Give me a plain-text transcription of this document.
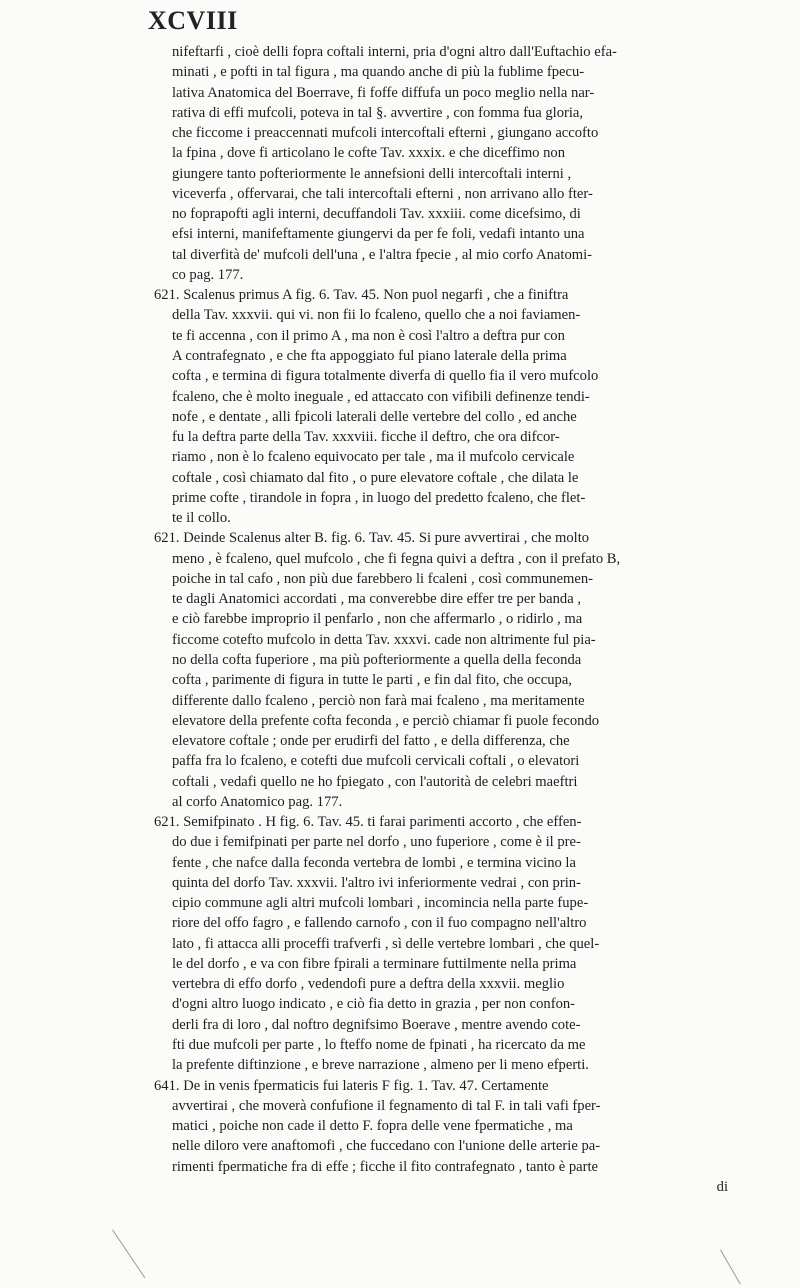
XCVIII
nifeftarfi , cioè delli fopra coftali interni, pria d'ogni altro dall'Euftachio efa-
minati , e pofti in tal figura , ma quando anche di più la fublime fpecu-
lativa Anatomica del Boerrave, fi foffe diffufa un poco meglio nella nar-
rativa di effi mufcoli, poteva in tal §. avvertire , con fomma fua gloria,
che ficcome i preaccennati mufcoli intercoftali efterni , giungano accofto
la fpina , dove fi articolano le cofte Tav. xxxix. e che diceffimo non
giungere tanto pofteriormente le annefsioni delli intercoftali interni ,
viceverfa , offervarai, che tali intercoftali efterni , non arrivano allo fter-
no foprapofti agli interni, decuffandoli Tav. xxxiii. come dicefsimo, di
efsi interni, manifeftamente giungervi da per fe foli, vedafi intanto una
tal diverfità de' mufcoli dell'una , e l'altra fpecie , al mio corfo Anatomi-
co pag. 177.
621. Scalenus primus A fig. 6. Tav. 45. Non puol negarfi , che a finiftra
della Tav. xxxvii. qui vi. non fii lo fcaleno, quello che a noi faviamen-
te fi accenna , con il primo A , ma non è così l'altro a deftra pur con
A contrafegnato , e che fta appoggiato ful piano laterale della prima
cofta , e termina di figura totalmente diverfa di quello fia il vero mufcolo
fcaleno, che è molto ineguale , ed attaccato con vifibili definenze tendi-
nofe , e dentate , alli fpicoli laterali delle vertebre del collo , ed anche
fu la deftra parte della Tav. xxxviii. ficche il deftro, che ora difcor-
riamo , non è lo fcaleno equivocato per tale , ma il mufcolo cervicale
coftale , così chiamato dal fito , o pure elevatore coftale , che dilata le
prime cofte , tirandole in fopra , in luogo del predetto fcaleno, che flet-
te il collo.
621. Deinde Scalenus alter B. fig. 6. Tav. 45. Si pure avvertirai , che molto
meno , è fcaleno, quel mufcolo , che fi fegna quivi a deftra , con il prefato B,
poiche in tal cafo , non più due farebbero li fcaleni , così communemen-
te dagli Anatomici accordati , ma converebbe dire effer tre per banda ,
e ciò farebbe improprio il penfarlo , non che affermarlo , o ridirlo , ma
ficcome cotefto mufcolo in detta Tav. xxxvi. cade non altrimente ful pia-
no della cofta fuperiore , ma più pofteriormente a quella della feconda
cofta , parimente di figura in tutte le parti , e fin dal fito, che occupa,
differente dallo fcaleno , perciò non farà mai fcaleno , ma meritamente
elevatore della prefente cofta feconda , e perciò chiamar fi puole fecondo
elevatore coftale ; onde per erudirfi del fatto , e della differenza, che
paffa fra lo fcaleno, e cotefti due mufcoli cervicali coftali , o elevatori
coftali , vedafi quello ne ho fpiegato , con l'autorità de celebri maeftri
al corfo Anatomico pag. 177.
621. Semifpinato . H fig. 6. Tav. 45. ti farai parimenti accorto , che effen-
do due i femifpinati per parte nel dorfo , uno fuperiore , come è il pre-
fente , che nafce dalla feconda vertebra de lombi , e termina vicino la
quinta del dorfo Tav. xxxvii. l'altro ivi inferiormente vedrai , con prin-
cipio commune agli altri mufcoli lombari , incomincia nella parte fupe-
riore del offo fagro , e fallendo carnofo , con il fuo compagno nell'altro
lato , fi attacca alli proceffi trafverfi , sì delle vertebre lombari , che quel-
le del dorfo , e va con fibre fpirali a terminare futtilmente nella prima
vertebra di effo dorfo , vedendofi pure a deftra della xxxvii. meglio
d'ogni altro luogo indicato , e ciò fia detto in grazia , per non confon-
derli fra di loro , dal noftro degnifsimo Boerave , mentre avendo cote-
fti due mufcoli per parte , lo fteffo nome de fpinati , ha ricercato da me
la prefente diftinzione , e breve narrazione , almeno per li meno efperti.
641. De in venis fpermaticis fui lateris F fig. 1. Tav. 47. Certamente
avvertirai , che moverà confufione il fegnamento di tal F. in tali vafi fper-
matici , poiche non cade il detto F. fopra delle vene fpermatiche , ma
nelle diloro vere anaftomofi , che fuccedano con l'unione delle arterie pa-
rimenti fpermatiche fra di effe ; ficche il fito contrafegnato , tanto è parte
di
